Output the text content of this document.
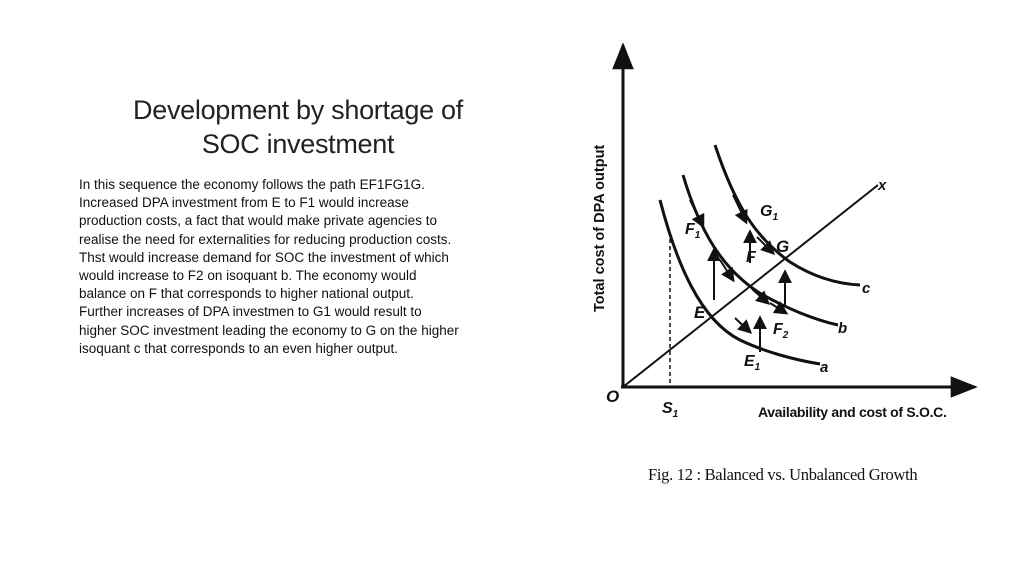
Development by shortage of
SOC investment
In this sequence the economy follows the path EF1FG1G.
Increased DPA investment from E to F1 would increase
production costs, a fact that would make private agencies to
realise the need for externalities for reducing production costs.
Thst would increase demand for SOC the investment of which
would increase to F2 on isoquant b. The economy would
balance on F that corresponds to higher national output.
Further increases of DPA investmen to G1 would result to
higher SOC investment leading the economy to G on the higher
isoquant c that corresponds to an even higher output.
x
$F_1$
$G_1$
G
F
E
$F_2$
$E_1$	a
b
c
O
$S_1$
Total cost of DPA output
Availability and cost of S.O.C.
Fig. 12 : Balanced vs. Unbalanced Growth
